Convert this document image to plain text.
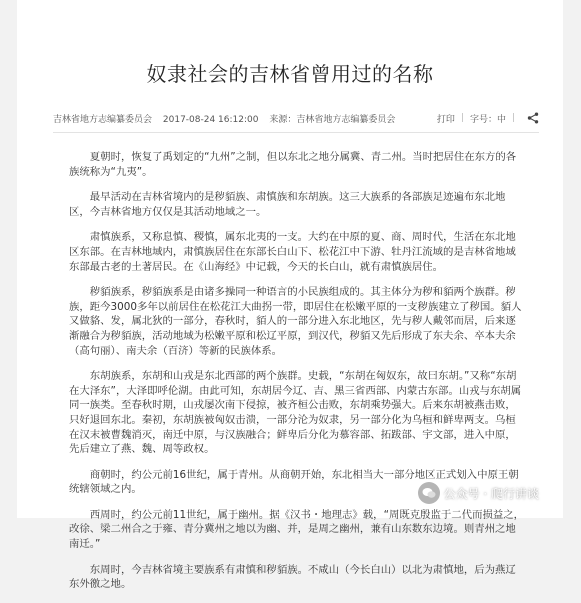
奴隶社会的吉林省曾用过的名称
吉林省地方志编纂委员会 2017-08-24 16:12:00 来源：吉林省地方志编纂委员会	打印 | 字号：中 |

夏朝时，恢复了禹划定的“九州”之制，但以东北之地分属冀、青二州。当时把居住在东方的各族统称为“九夷”。

最早活动在吉林省境内的是秽貊族、肃慎族和东胡族。这三大族系的各部族足迹遍布东北地区，今吉林省地方仅仅是其活动地域之一。

肃慎族系，又称息慎、稷慎，属东北夷的一支。大约在中原的夏、商、周时代，生活在东北地区东部。在吉林地域内，肃慎族居住在东部长白山下、松花江中下游、牡丹江流域的是吉林省地域东部最古老的土著居民。在《山海经》中记载，今天的长白山，就有肃慎族居住。

秽貊族系，秽貊族系是由诸多操同一种语言的小民族组成的。其主体分为秽和貊两个族群。秽族，距今3000多年以前居住在松花江大曲拐一带，即居住在松嫩平原的一支秽族建立了秽国。貊人又做貉、发，属北狄的一部分，春秋时，貊人的一部分进入东北地区，先与秽人戴邻而居，后来逐渐融合为秽貊族，活动地域为松嫩平原和松辽平原，到汉代，秽貊又先后形成了东夫余、卒本夫余（高句丽）、南夫余（百济）等新的民族体系。

东胡族系，东胡和山戎是东北西部的两个族群。史载，“东胡在匈奴东，故曰东胡。”又称“东胡在大泽东”，大泽即呼伦湖。由此可知，东胡居今辽、吉、黑三省西部、内蒙古东部。山戎与东胡属同一族类。至春秋时期，山戎屡次南下侵掠，被齐桓公击败，东胡乘势强大。后来东胡被燕击败，只好退回东北。秦初，东胡族被匈奴击溃，一部分沦为奴隶，另一部分化为乌桓和鲜卑两支。乌桓在汉末被曹魏消灭，南迁中原，与汉族融合；鲜卑后分化为慕容部、拓跋部、宇文部，进入中原，先后建立了燕、魏、周等政权。

商朝时，约公元前16世纪，属于青州。从商朝开始，东北相当大一部分地区正式划入中原王朝统辖领域之内。

西周时，约公元前11世纪，属于幽州。据《汉书・地理志》载，“周既克殷监于二代而损益之，改徐、梁二州合之于雍、青分冀州之地以为幽、并，是周之幽州，兼有山东数东边境。则青州之地南迁。”

东周时，今吉林省境主要族系有肃慎和秽貊族。不咸山（今长白山）以北为肃慎地，后为燕辽东外徼之地。

公众号 · 爬行讲谈
